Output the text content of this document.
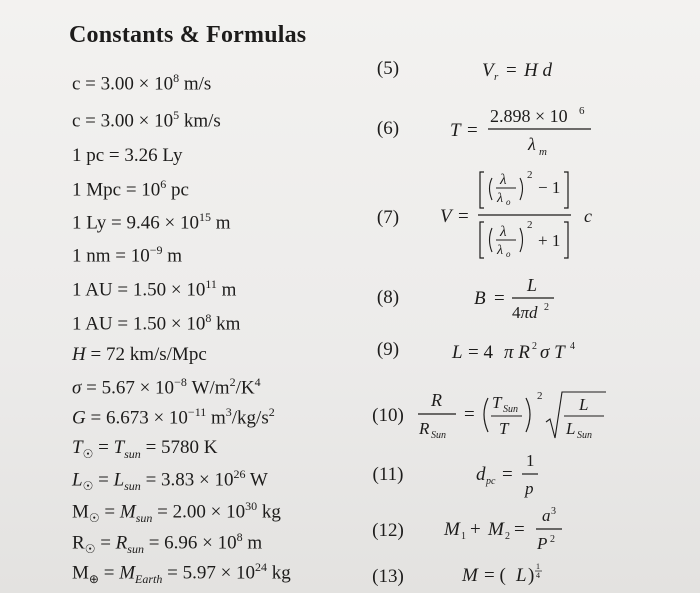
Constants & Formulas
$c = 3.00 \times 10^8$ m/s
$c = 3.00 \times 10^5$ km/s
1 pc = 3.26 Ly
1 Mpc = $10^6$ pc
1 $Ly = 9.46 \times 10^{15}$ m
1 nm = $10^{-9}$ m
1 AU = $1.50 \times 10^{11}$ m
1 AU = $1.50 \times 10^8$ km
H = 72 km/s/Mpc
$\sigma = 5.67 \times 10^{-8}$ $W/m^2/K^4$
$G = 6.673 \times 10^{-11}$ $m^3/kg/s^2$
$T_☉ = T_{sun} = 5780$ K
$L_☉ = L_{sun} = 3.83 \times 10^{26}$ W
$M_☉ = M_{sun} = 2.00 \times 10^{30}$ kg
$R_☉ = R_{sun} = 6.96 \times 10^8$ m
$M_\oplus = M_{Earth} = 5.97 \times 10^{24}$ kg
(5)
(6)
(7)
(8)
(9)
(10)
(11)
(12)
(13)
V r = H d
T =
2.898 × 10 6
λ m
V =
λ
λ o
2
− 1
λ
λ o
2
+ 1
c
B =
L
4πd 2
L = 4 π R 2 σ T 4
R
R Sun
=
T Sun
T
2 L
L Sun
d pc =
1
p
M 1 + M 2 =
a 3
P 2
M = ( L ) 1
4
